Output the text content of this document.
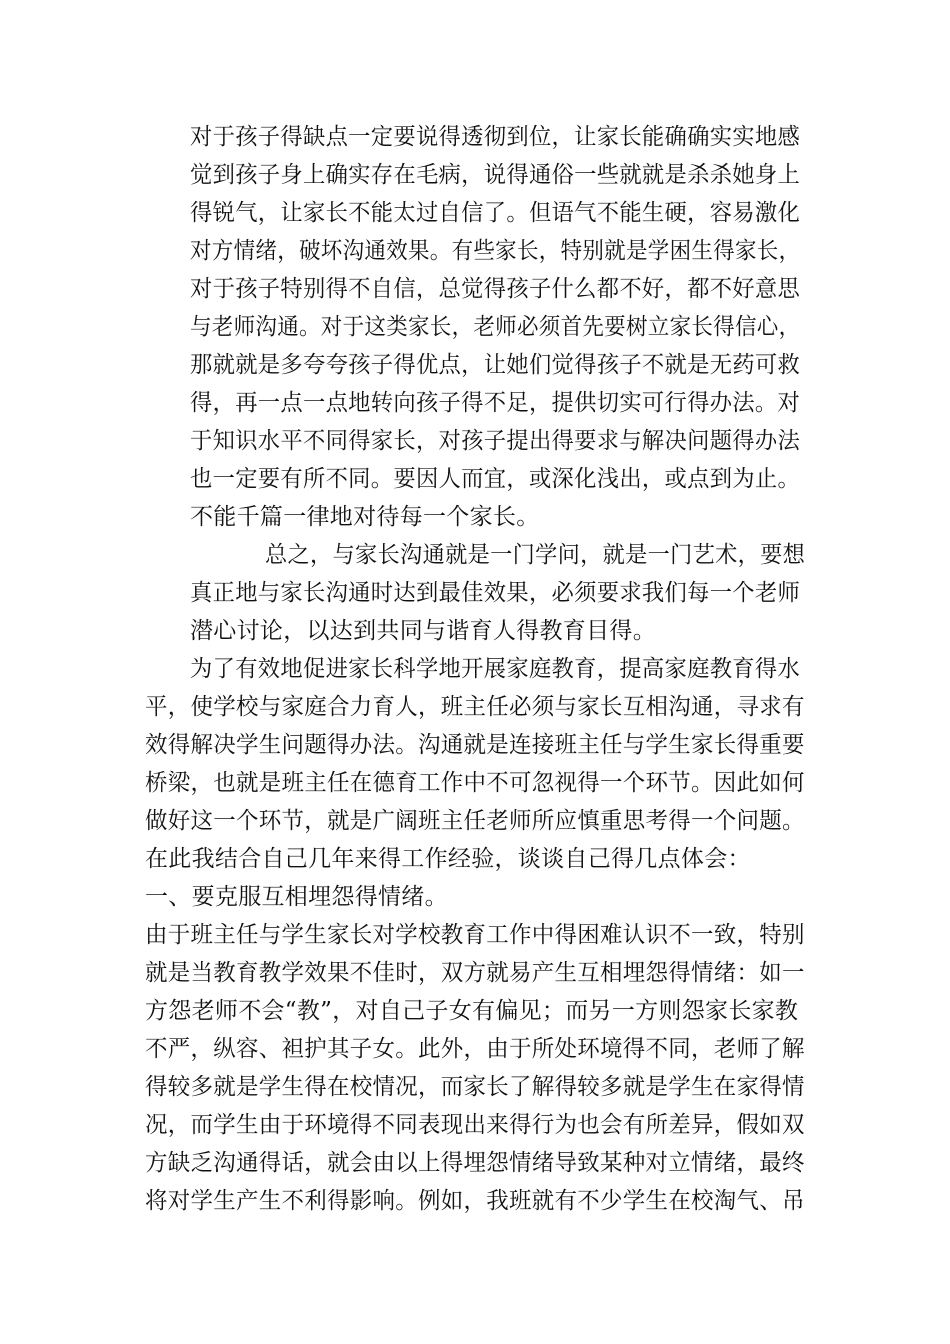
对于孩子得缺点一定要说得透彻到位，让家长能确确实实地感
觉到孩子身上确实存在毛病，说得通俗一些就就是杀杀她身上
得锐气，让家长不能太过自信了。但语气不能生硬，容易激化
对方情绪，破坏沟通效果。有些家长，特别就是学困生得家长，
对于孩子特别得不自信，总觉得孩子什么都不好，都不好意思
与老师沟通。对于这类家长，老师必须首先要树立家长得信心，
那就就是多夸夸孩子得优点，让她们觉得孩子不就是无药可救
得，再一点一点地转向孩子得不足，提供切实可行得办法。对
于知识水平不同得家长，对孩子提出得要求与解决问题得办法
也一定要有所不同。要因人而宜，或深化浅出，或点到为止。
不能千篇一律地对待每一个家长。
总之，与家长沟通就是一门学问，就是一门艺术，要想
真正地与家长沟通时达到最佳效果，必须要求我们每一个老师
潜心讨论，以达到共同与谐育人得教育目得。
为了有效地促进家长科学地开展家庭教育，提高家庭教育得水
平，使学校与家庭合力育人，班主任必须与家长互相沟通，寻求有
效得解决学生问题得办法。沟通就是连接班主任与学生家长得重要
桥梁，也就是班主任在德育工作中不可忽视得一个环节。因此如何
做好这一个环节，就是广阔班主任老师所应慎重思考得一个问题。
在此我结合自己几年来得工作经验，谈谈自己得几点体会：
一、要克服互相埋怨得情绪。
由于班主任与学生家长对学校教育工作中得困难认识不一致，特别
就是当教育教学效果不佳时，双方就易产生互相埋怨得情绪：如一
方怨老师不会“教”，对自己子女有偏见；而另一方则怨家长家教
不严，纵容、袒护其子女。此外，由于所处环境得不同，老师了解
得较多就是学生得在校情况，而家长了解得较多就是学生在家得情
况，而学生由于环境得不同表现出来得行为也会有所差异，假如双
方缺乏沟通得话，就会由以上得埋怨情绪导致某种对立情绪，最终
将对学生产生不利得影响。例如，我班就有不少学生在校淘气、吊
